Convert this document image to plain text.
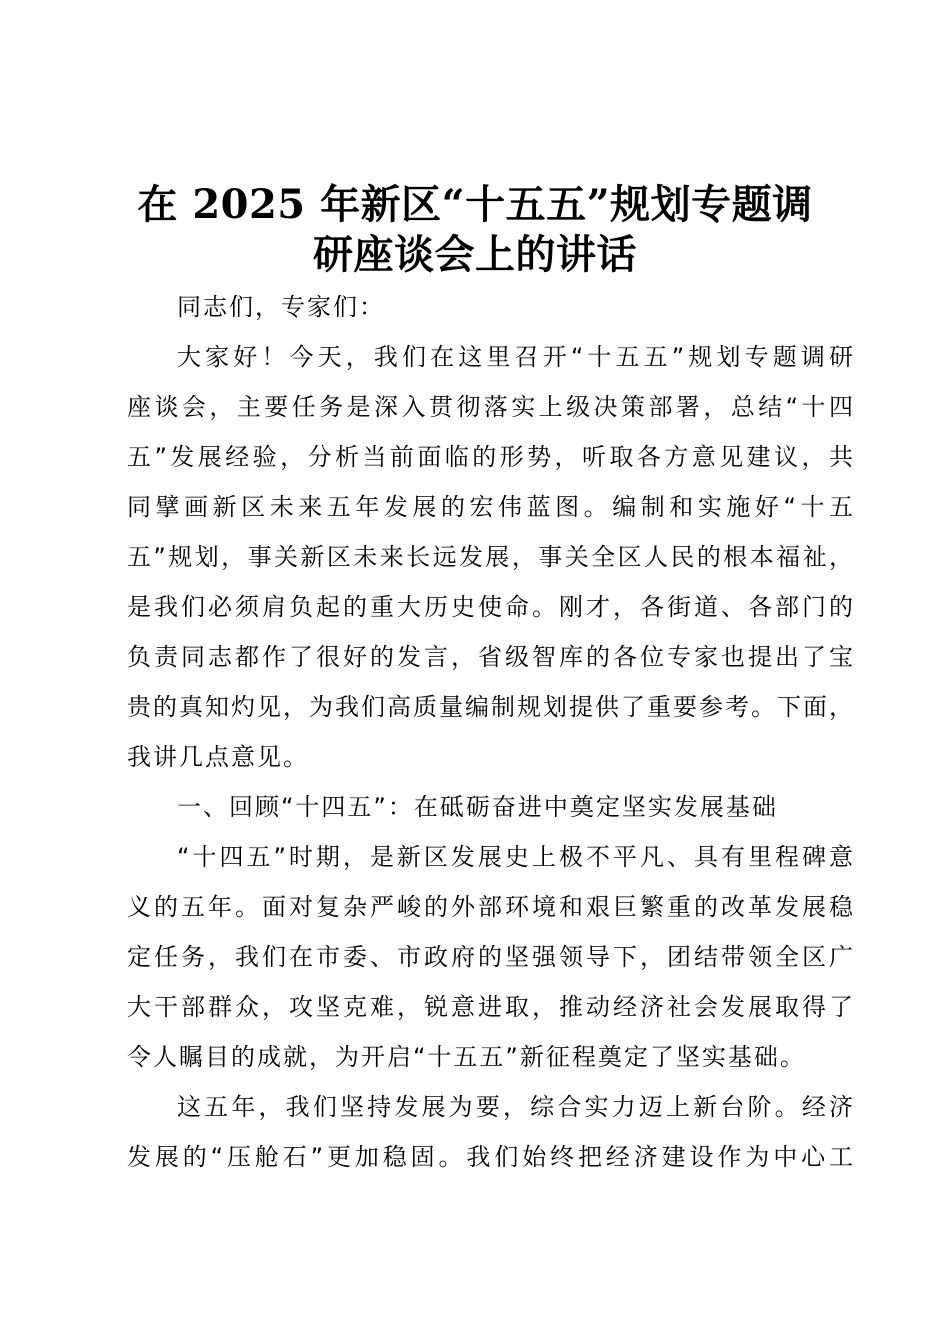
在 2025 年新区“十五五”规划专题调
研座谈会上的讲话
同志们，专家们：
大家好！今天，我们在这里召开“十五五”规划专题调研
座谈会，主要任务是深入贯彻落实上级决策部署，总结“十四
五”发展经验，分析当前面临的形势，听取各方意见建议，共
同擘画新区未来五年发展的宏伟蓝图。编制和实施好“十五
五”规划，事关新区未来长远发展，事关全区人民的根本福祉，
是我们必须肩负起的重大历史使命。刚才，各街道、各部门的
负责同志都作了很好的发言，省级智库的各位专家也提出了宝
贵的真知灼见，为我们高质量编制规划提供了重要参考。下面，
我讲几点意见。
一、回顾“十四五”：在砥砺奋进中奠定坚实发展基础
“十四五”时期，是新区发展史上极不平凡、具有里程碑意
义的五年。面对复杂严峻的外部环境和艰巨繁重的改革发展稳
定任务，我们在市委、市政府的坚强领导下，团结带领全区广
大干部群众，攻坚克难，锐意进取，推动经济社会发展取得了
令人瞩目的成就，为开启“十五五”新征程奠定了坚实基础。
这五年，我们坚持发展为要，综合实力迈上新台阶。经济
发展的“压舱石”更加稳固。我们始终把经济建设作为中心工
